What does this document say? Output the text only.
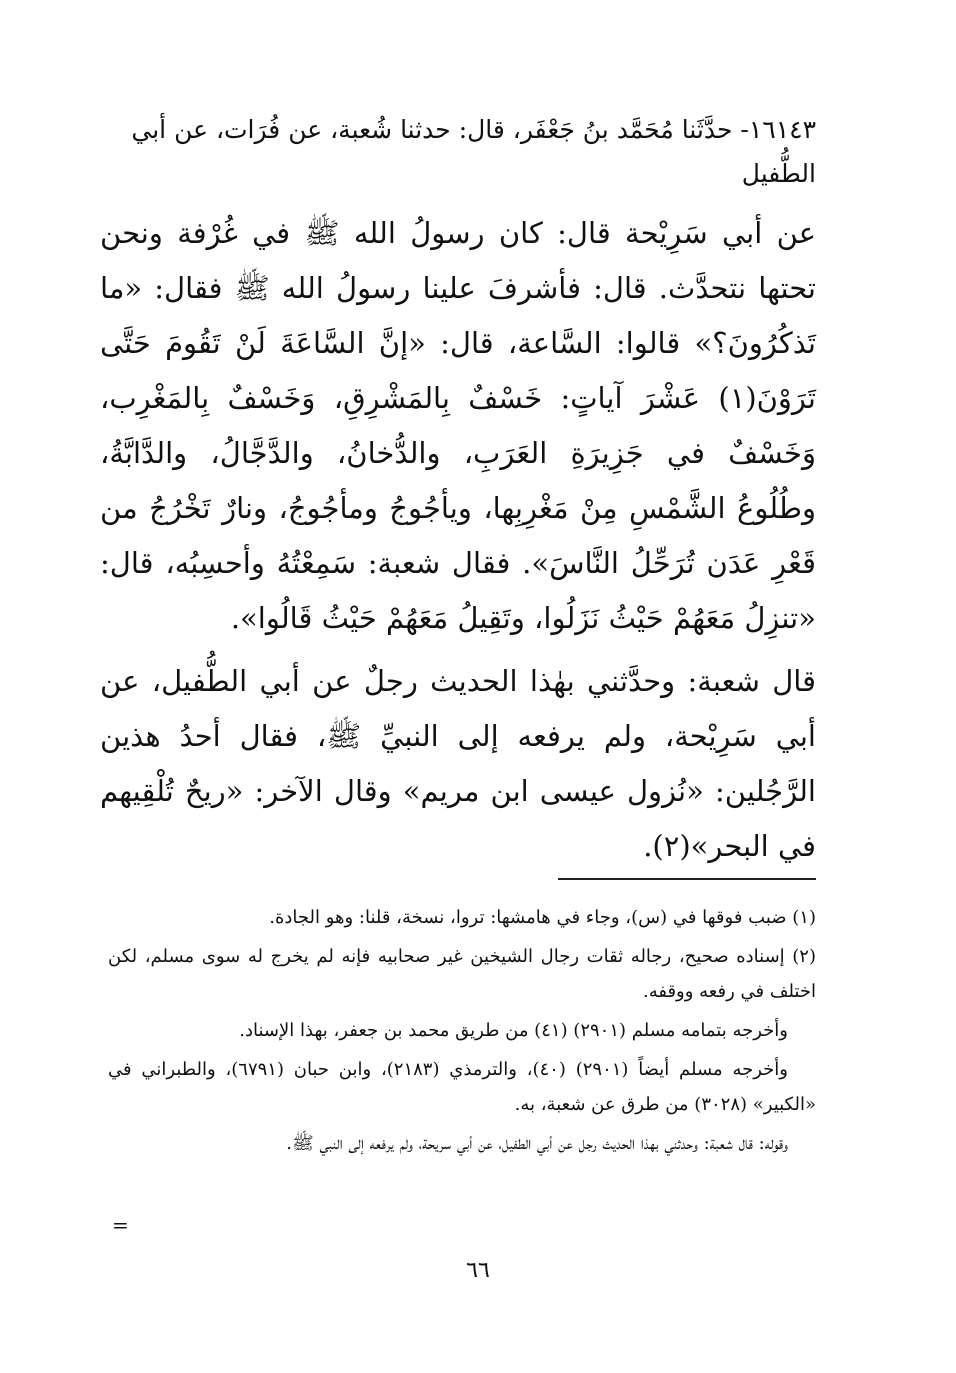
١٦١٤٣- حدَّثَنا مُحَمَّد بنُ جَعْفَر، قال: حدثنا شُعبة، عن فُرَات، عن أبي الطُّفيل

عن أبي سَرِيْحة قال: كان رسولُ الله ﷺ في غُرْفة ونحن تحتها نتحدَّث. قال: فأشرفَ علينا رسولُ الله ﷺ فقال: «ما تَذكُرُونَ؟» قالوا: السَّاعة، قال: «إنَّ السَّاعَةَ لَنْ تَقُومَ حَتَّى تَرَوْنَ(١) عَشْرَ آياتٍ: خَسْفٌ بِالمَشْرِقِ، وَخَسْفٌ بِالمَغْرِب، وَخَسْفٌ في جَزِيرَةِ العَرَبِ، والدُّخانُ، والدَّجَّالُ، والدَّابَّةُ، وطُلُوعُ الشَّمْسِ مِنْ مَغْرِبِها، ويأجُوجُ ومأجُوجُ، ونارٌ تَخْرُجُ من قَعْرِ عَدَن تُرَحِّلُ النَّاسَ». فقال شعبة: سَمِعْتُهُ وأحسِبُه، قال: «تنزِلُ مَعَهُمْ حَيْثُ نَزَلُوا، وتَقِيلُ مَعَهُمْ حَيْثُ قَالُوا».

قال شعبة: وحدَّثني بهٰذا الحديث رجلٌ عن أبي الطُّفيل، عن أبي سَرِيْحة، ولم يرفعه إلى النبيِّ ﷺ، فقال أحدُ هذين الرَّجُلين: «نُزول عيسى ابن مريم» وقال الآخر: «ريحٌ تُلْقِيهم في البحر»(٢).

(١) ضبب فوقها في (س)، وجاء في هامشها: تروا، نسخة، قلنا: وهو الجادة.

(٢) إسناده صحيح، رجاله ثقات رجال الشيخين غير صحابيه فإنه لم يخرج له سوى مسلم، لكن اختلف في رفعه ووقفه.

وأخرجه بتمامه مسلم (٢٩٠١) (٤١) من طريق محمد بن جعفر، بهذا الإسناد.

وأخرجه مسلم أيضاً (٢٩٠١) (٤٠)، والترمذي (٢١٨٣)، وابن حبان (٦٧٩١)، والطبراني في «الكبير» (٣٠٢٨) من طرق عن شعبة، به.

وقوله: قال شعبة: وحدثني بهذا الحديث رجل عن أبي الطفيل، عن أبي سريحة، ولم يرفعه إلى النبي ﷺ.

=
٦٦
